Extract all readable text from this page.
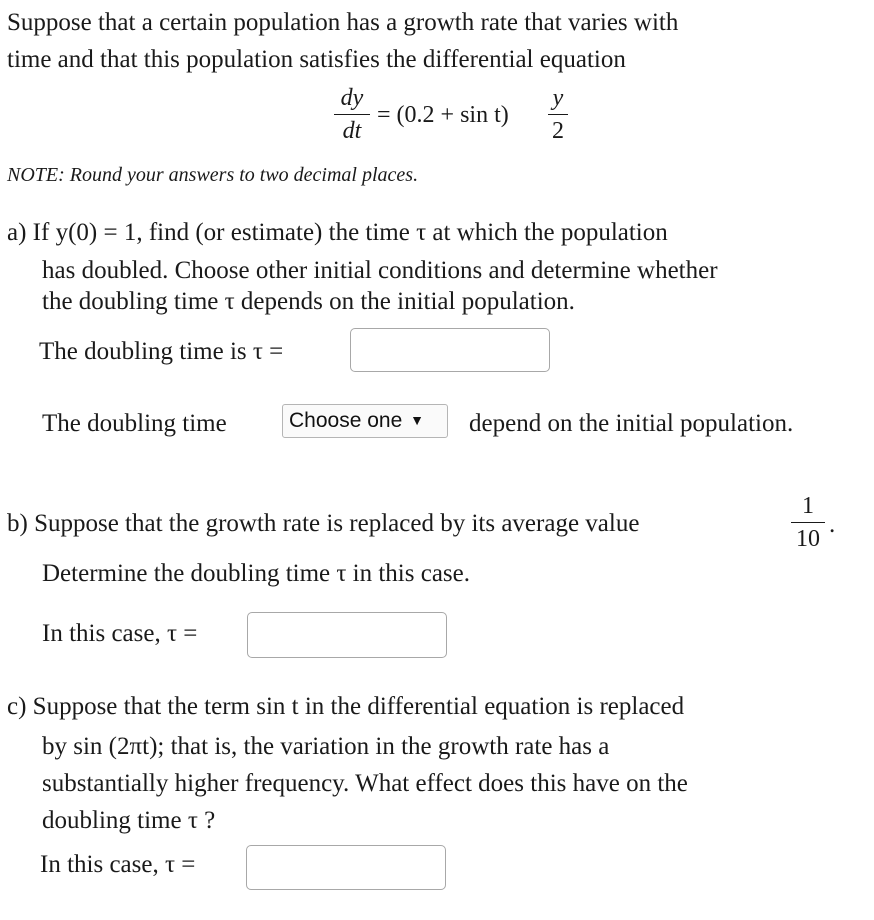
Suppose that a certain population has a growth rate that varies with
time and that this population satisfies the differential equation
dy
dt
= (0.2 + sin t)
y
2
NOTE: Round your answers to two decimal places.
a) If y(0) = 1, find (or estimate) the time τ at which the population
has doubled. Choose other initial conditions and determine whether
the doubling time τ depends on the initial population.
The doubling time is τ =
The doubling time	Choose one ▼	depend on the initial population.
b) Suppose that the growth rate is replaced by its average value
1
10
.
Determine the doubling time τ in this case.
In this case, τ =
c) Suppose that the term sin t in the differential equation is replaced
by sin (2πt); that is, the variation in the growth rate has a
substantially higher frequency. What effect does this have on the
doubling time τ ?
In this case, τ =
